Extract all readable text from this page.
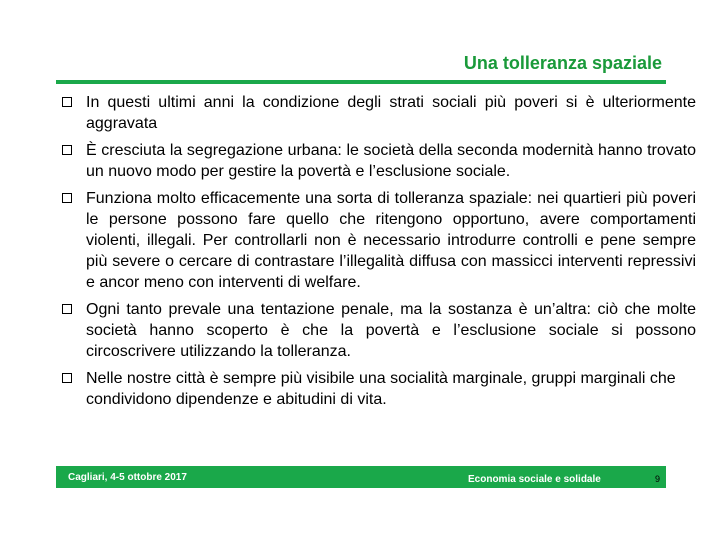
Una tolleranza spaziale
In questi ultimi anni la condizione degli strati sociali più poveri si è ulteriormente aggravata
È cresciuta la segregazione urbana: le società della seconda modernità hanno trovato un nuovo modo per gestire la povertà e l’esclusione sociale.
Funziona molto efficacemente una sorta di tolleranza spaziale: nei quartieri più poveri le persone possono fare quello che ritengono opportuno, avere comportamenti violenti, illegali. Per controllarli non è necessario introdurre controlli e pene sempre più severe o cercare di contrastare l’illegalità diffusa con massicci interventi repressivi e ancor meno con interventi di welfare.
Ogni tanto prevale una tentazione penale, ma la sostanza è un’altra: ciò che molte società hanno scoperto è che la povertà e l’esclusione sociale si possono circoscrivere utilizzando la tolleranza.
Nelle nostre città è sempre più visibile una socialità marginale, gruppi marginali che condividono dipendenze e abitudini di vita.
Cagliari, 4-5 ottobre 2017	Economia sociale e solidale	9
